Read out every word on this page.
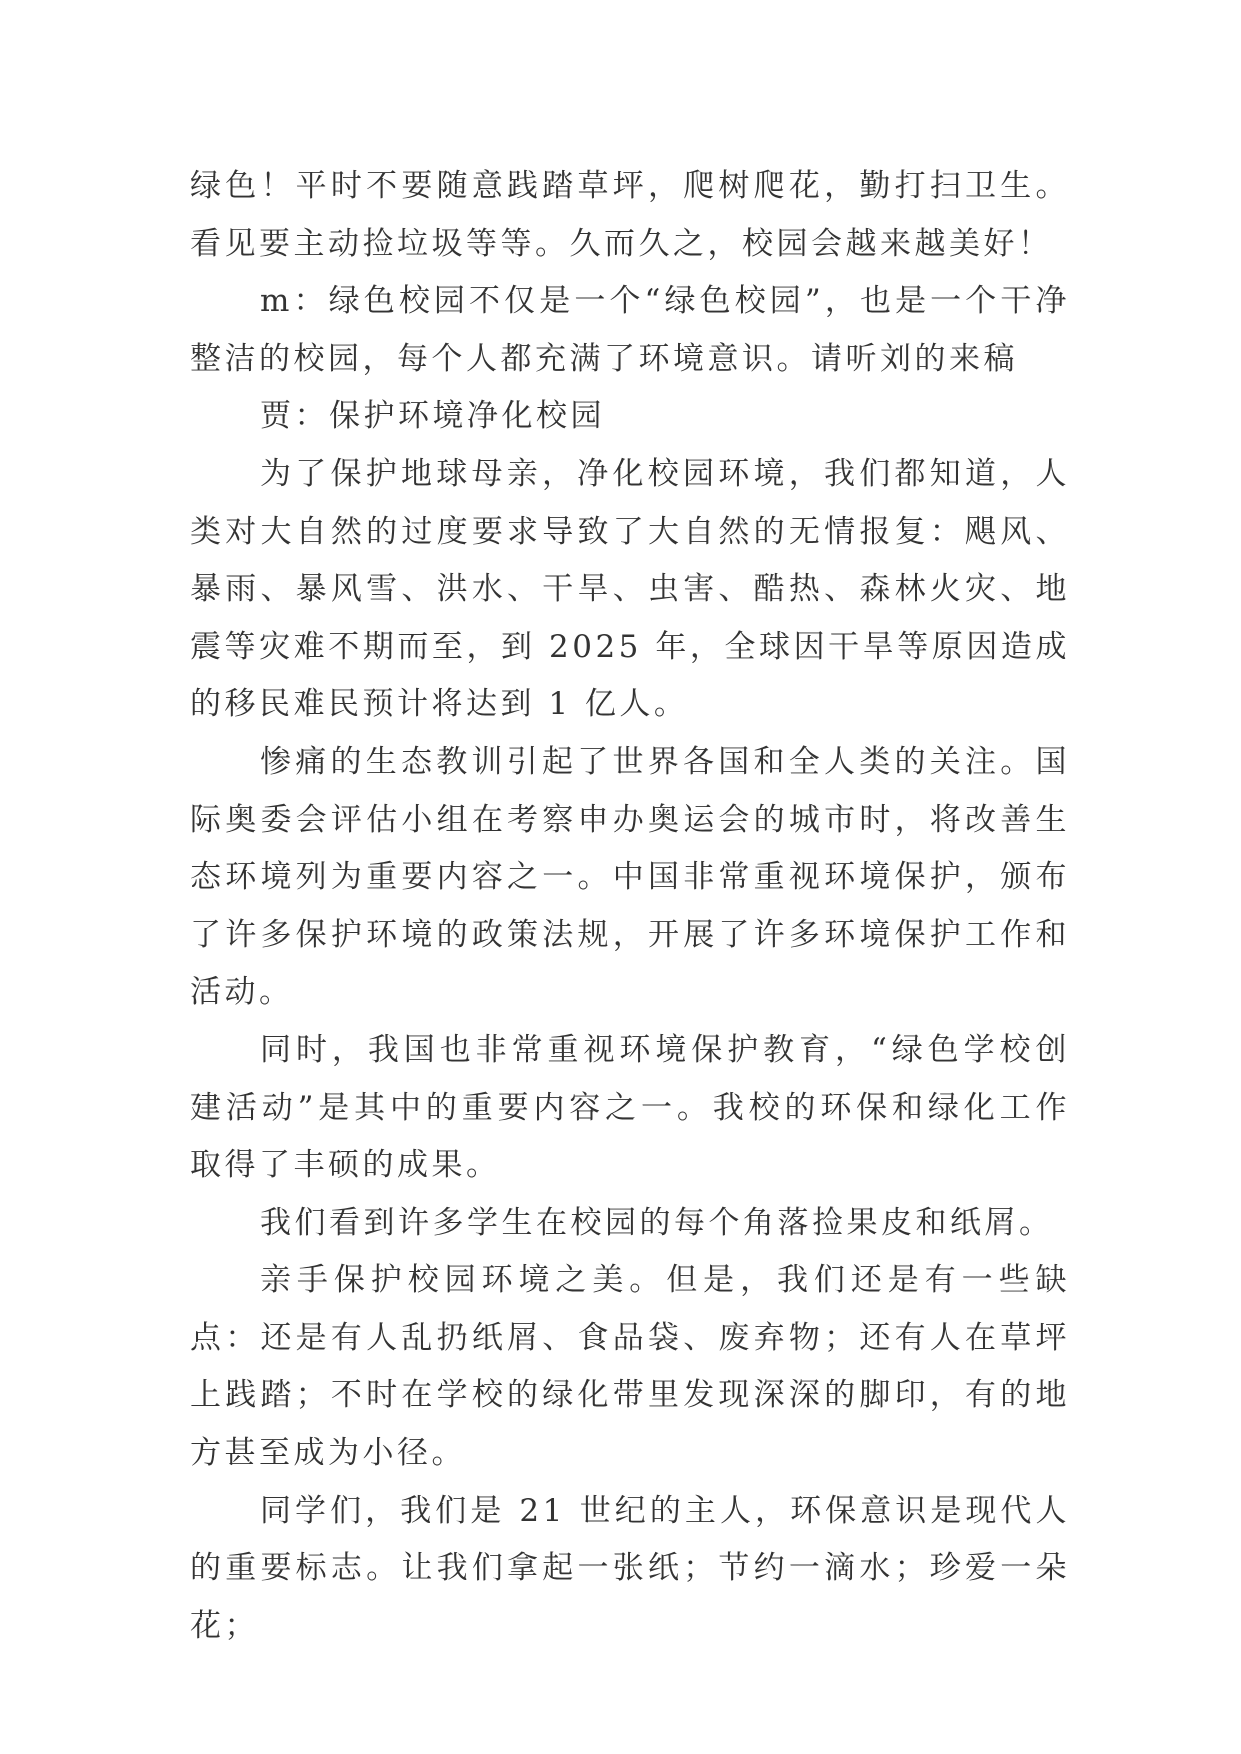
绿色！平时不要随意践踏草坪，爬树爬花，勤打扫卫生。看见要主动捡垃圾等等。久而久之，校园会越来越美好！

m：绿色校园不仅是一个“绿色校园”，也是一个干净整洁的校园，每个人都充满了环境意识。请听刘的来稿

贾：保护环境净化校园

为了保护地球母亲，净化校园环境，我们都知道，人类对大自然的过度要求导致了大自然的无情报复：飓风、暴雨、暴风雪、洪水、干旱、虫害、酷热、森林火灾、地震等灾难不期而至，到 2025 年，全球因干旱等原因造成的移民难民预计将达到 1 亿人。

惨痛的生态教训引起了世界各国和全人类的关注。国际奥委会评估小组在考察申办奥运会的城市时，将改善生态环境列为重要内容之一。中国非常重视环境保护，颁布了许多保护环境的政策法规，开展了许多环境保护工作和活动。

同时，我国也非常重视环境保护教育，“绿色学校创建活动”是其中的重要内容之一。我校的环保和绿化工作取得了丰硕的成果。

我们看到许多学生在校园的每个角落捡果皮和纸屑。

亲手保护校园环境之美。但是，我们还是有一些缺点：还是有人乱扔纸屑、食品袋、废弃物；还有人在草坪上践踏；不时在学校的绿化带里发现深深的脚印，有的地方甚至成为小径。

同学们，我们是 21 世纪的主人，环保意识是现代人的重要标志。让我们拿起一张纸；节约一滴水；珍爱一朵花；
